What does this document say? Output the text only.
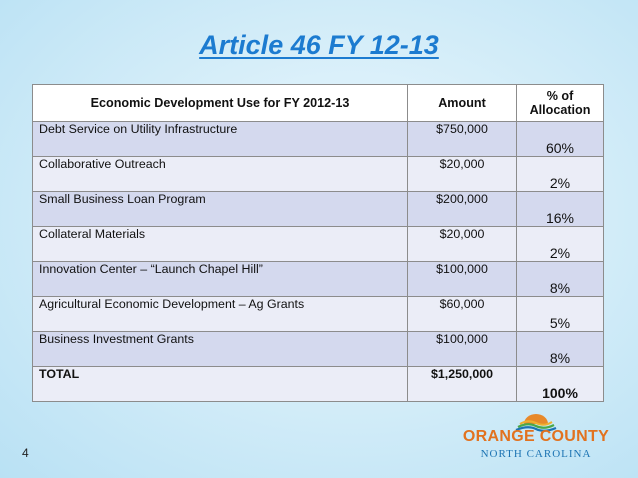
Article 46 FY 12-13
Economic Development Use for FY 2012-13	Amount	% of Allocation
Debt Service on Utility Infrastructure	$750,000	60%
Collaborative Outreach	$20,000	2%
Small Business Loan Program	$200,000	16%
Collateral Materials	$20,000	2%
Innovation Center – “Launch Chapel Hill”	$100,000	8%
Agricultural Economic Development – Ag Grants	$60,000	5%
Business Investment Grants	$100,000	8%
TOTAL	$1,250,000	100%
4
ORANGE COUNTY
NORTH CAROLINA
